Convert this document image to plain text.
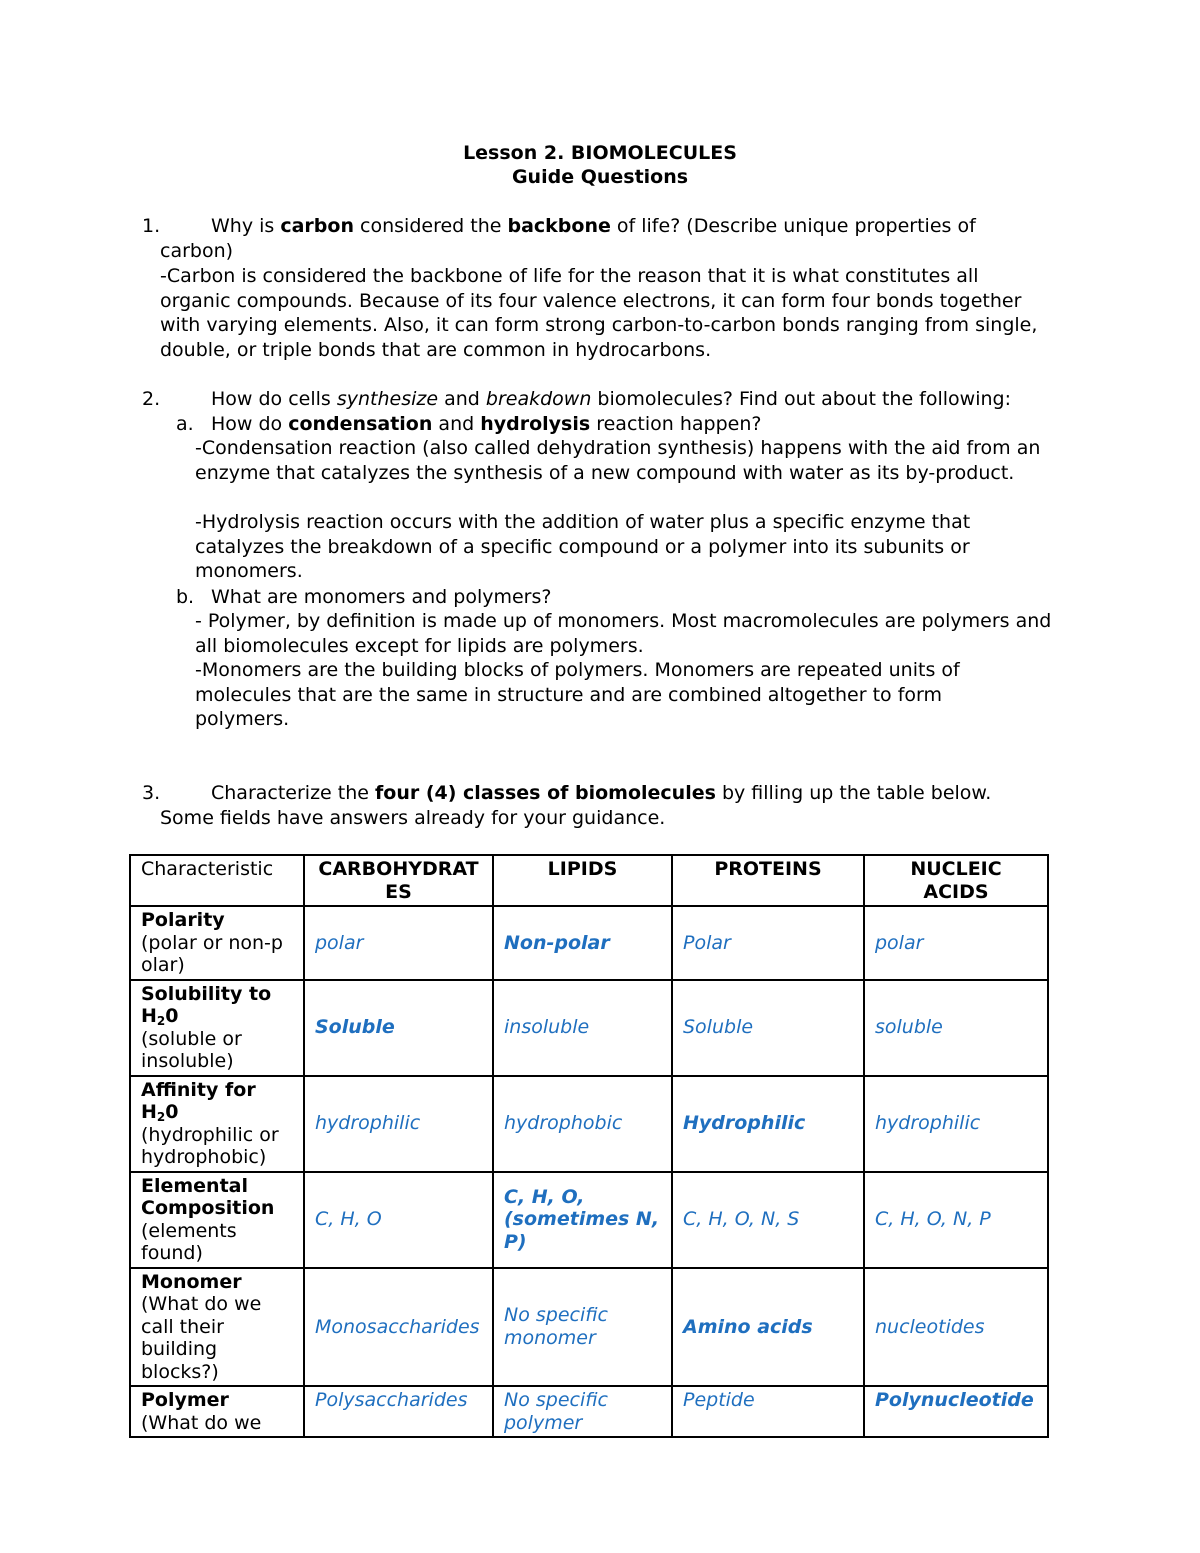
Lesson 2. BIOMOLECULES
Guide Questions
1.	Why is carbon considered the backbone of life? (Describe unique properties of
carbon)
-Carbon is considered the backbone of life for the reason that it is what constitutes all organic compounds. Because of its four valence electrons, it can form four bonds together with varying elements. Also, it can form strong carbon-to-carbon bonds ranging from single, double, or triple bonds that are common in hydrocarbons.
2.	How do cells synthesize and breakdown biomolecules? Find out about the following:
a. How do condensation and hydrolysis reaction happen?
-Condensation reaction (also called dehydration synthesis) happens with the aid from an enzyme that catalyzes the synthesis of a new compound with water as its by-product.
-Hydrolysis reaction occurs with the addition of water plus a specific enzyme that catalyzes the breakdown of a specific compound or a polymer into its subunits or monomers.
b. What are monomers and polymers?
- Polymer, by definition is made up of monomers. Most macromolecules are polymers and all biomolecules except for lipids are polymers.
-Monomers are the building blocks of polymers. Monomers are repeated units of molecules that are the same in structure and are combined altogether to form polymers.
3.	Characterize the four (4) classes of biomolecules by filling up the table below.
Some fields have answers already for your guidance.
Characteristic	CARBOHYDRATES	LIPIDS	PROTEINS	NUCLEIC ACIDS
Polarity
(polar or non-polar)	polar	Non-polar	Polar	polar
Solubility to $H_20$
(soluble or insoluble)	Soluble	insoluble	Soluble	soluble
Affinity for $H_20$
(hydrophilic or hydrophobic)	hydrophilic	hydrophobic	Hydrophilic	hydrophilic
Elemental Composition
(elements found)	C, H, O	C, H, O, (sometimes N, P)	C, H, O, N, S	C, H, O, N, P
Monomer
(What do we call their building blocks?)	Monosaccharides	No specific monomer	Amino acids	nucleotides
Polymer
(What do we	Polysaccharides	No specific polymer	Peptide	Polynucleotide
